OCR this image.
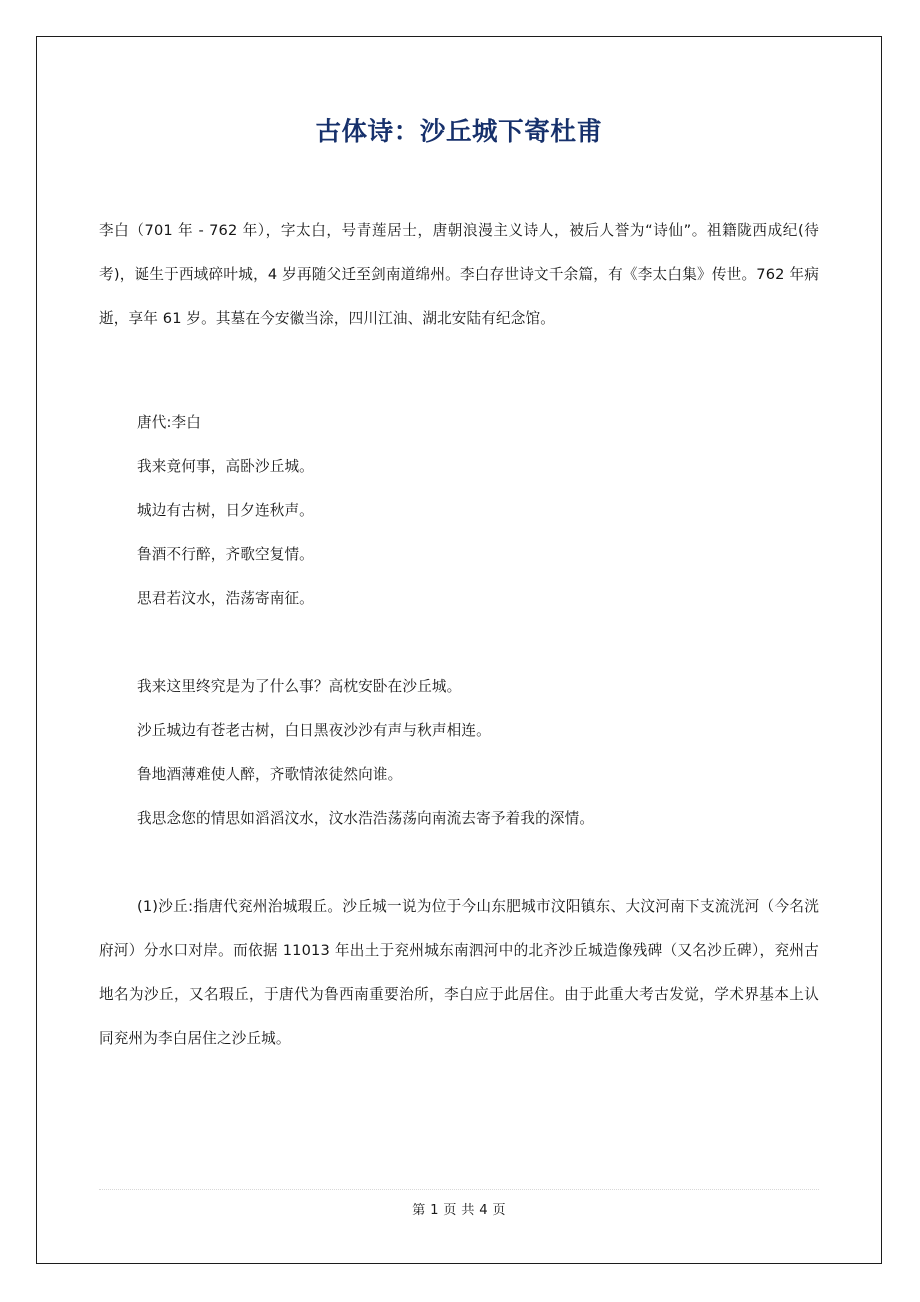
古体诗：沙丘城下寄杜甫

李白（701 年 - 762 年），字太白，号青莲居士，唐朝浪漫主义诗人，被后人誉为“诗仙”。祖籍陇西成纪(待考)，诞生于西域碎叶城，4 岁再随父迁至剑南道绵州。李白存世诗文千余篇，有《李太白集》传世。762 年病逝，享年 61 岁。其墓在今安徽当涂，四川江油、湖北安陆有纪念馆。

唐代:李白

我来竟何事，高卧沙丘城。

城边有古树，日夕连秋声。

鲁酒不行醉，齐歌空复情。

思君若汶水，浩荡寄南征。

我来这里终究是为了什么事？高枕安卧在沙丘城。

沙丘城边有苍老古树，白日黑夜沙沙有声与秋声相连。

鲁地酒薄难使人醉，齐歌情浓徒然向谁。

我思念您的情思如滔滔汶水，汶水浩浩荡荡向南流去寄予着我的深情。

(1)沙丘:指唐代兖州治城瑕丘。沙丘城一说为位于今山东肥城市汶阳镇东、大汶河南下支流洸河（今名洸府河）分水口对岸。而依据 11013 年出土于兖州城东南泗河中的北齐沙丘城造像残碑（又名沙丘碑），兖州古地名为沙丘，又名瑕丘，于唐代为鲁西南重要治所，李白应于此居住。由于此重大考古发觉，学术界基本上认同兖州为李白居住之沙丘城。

第 1 页 共 4 页
